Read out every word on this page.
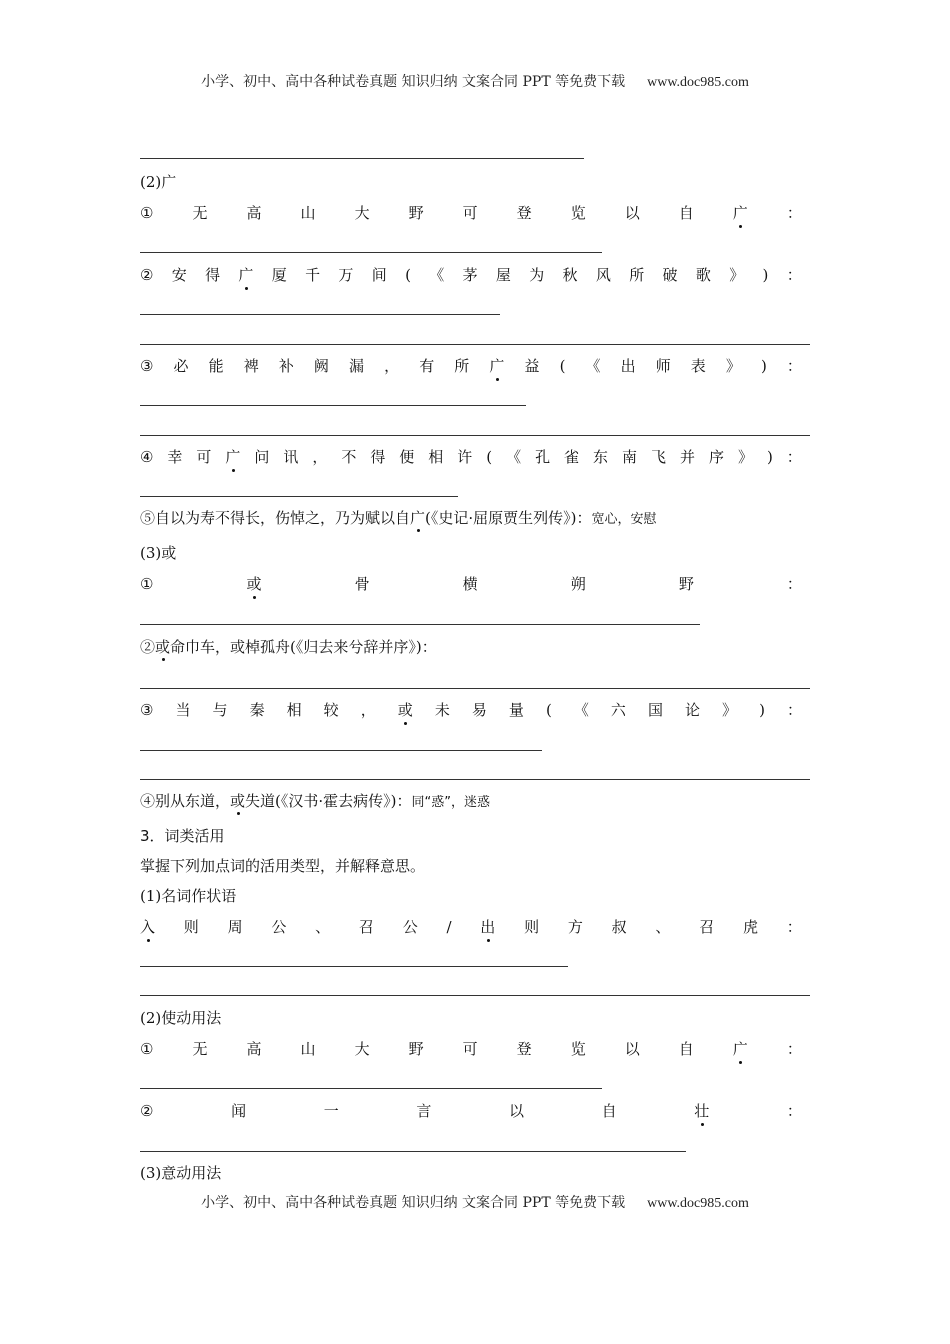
小学、初中、高中各种试卷真题 知识归纳 文案合同 PPT 等免费下载 www.doc985.com
(2)广
①	无	高	山	大	野	可	登	览	以	自	广	：
② 安 得 广 厦 千 万 间 ( 《 茅 屋 为 秋 风 所 破 歌 》 ) ：
③ 必 能 裨 补 阙 漏 ， 有 所 广 益 ( 《 出 师 表 》 ) ：
④ 幸 可 广 问 讯 ， 不 得 便 相 许 ( 《 孔 雀 东 南 飞 并 序 》 ) ：
⑤自以为寿不得长，伤悼之，乃为赋以自广(《史记·屈原贾生列传》)：宽心，安慰
(3)或
①	或	骨	横	朔	野	：
②或命巾车，或棹孤舟(《归去来兮辞并序》)：
③ 当 与 秦 相 较 ， 或 未 易 量 ( 《 六 国 论 》 ) ：
④别从东道，或失道(《汉书·霍去病传》)：同“惑”，迷惑
3．词类活用
掌握下列加点词的活用类型，并解释意思。
(1)名词作状语
入 则 周 公 、 召 公 / 出 则 方 叔 、 召 虎 ：
(2)使动用法
①	无	高	山	大	野	可	登	览	以	自	广	：
②	闻	一	言	以	自	壮	：
(3)意动用法
小学、初中、高中各种试卷真题 知识归纳 文案合同 PPT 等免费下载 www.doc985.com
